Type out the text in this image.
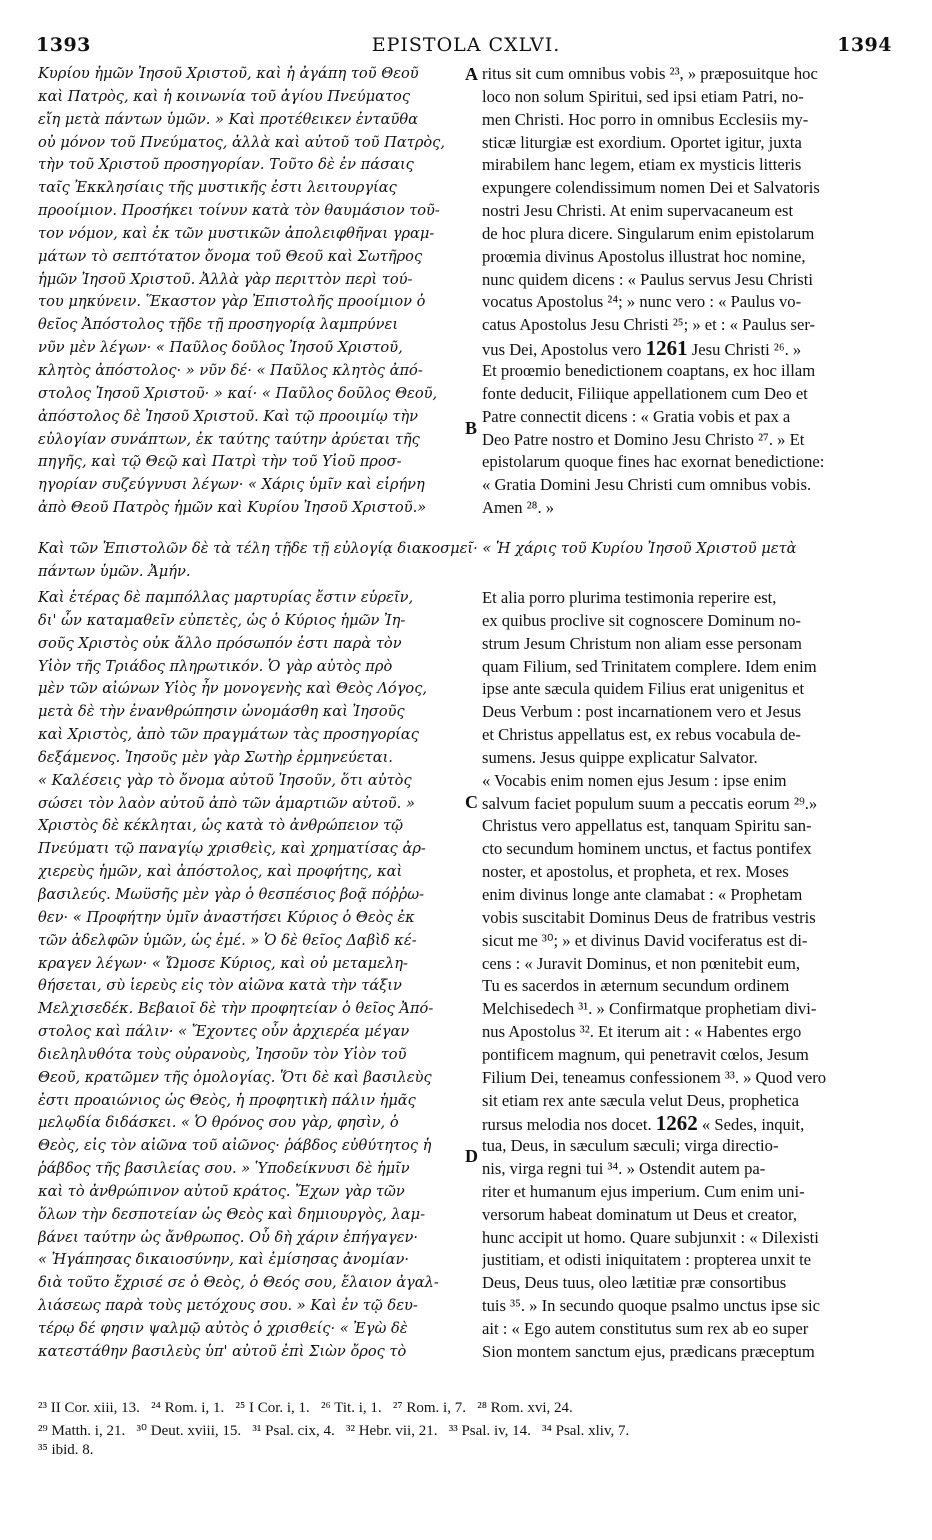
EPISTOLA CXLVI.
1393	1394
Κυρίου ἡμῶν Ἰησοῦ Χριστοῦ, καὶ ἡ ἀγάπη τοῦ Θεοῦ
καὶ Πατρὸς, καὶ ἡ κοινωνία τοῦ ἁγίου Πνεύματος
εἴη μετὰ πάντων ὑμῶν. » Καὶ προτέθεικεν ἐνταῦθα
οὐ μόνον τοῦ Πνεύματος, ἀλλὰ καὶ αὐτοῦ τοῦ Πατρὸς,
τὴν τοῦ Χριστοῦ προσηγορίαν. Τοῦτο δὲ ἐν πάσαις
ταῖς Ἐκκλησίαις τῆς μυστικῆς ἐστι λειτουργίας
προοίμιον. Προσήκει τοίνυν κατὰ τὸν θαυμάσιον τοῦ-
τον νόμον, καὶ ἐκ τῶν μυστικῶν ἀπολειφθῆναι γραμ-
μάτων τὸ σεπτότατον ὄνομα τοῦ Θεοῦ καὶ Σωτῆρος
ἡμῶν Ἰησοῦ Χριστοῦ. Ἀλλὰ γὰρ περιττὸν περὶ τού-
του μηκύνειν. Ἕκαστον γὰρ Ἐπιστολῆς προοίμιον ὁ
θεῖος Ἀπόστολος τῇδε τῇ προσηγορίᾳ λαμπρύνει
νῦν μὲν λέγων· « Παῦλος δοῦλος Ἰησοῦ Χριστοῦ,
κλητὸς ἀπόστολος· » νῦν δέ· « Παῦλος κλητὸς ἀπό-
στολος Ἰησοῦ Χριστοῦ· » καί· « Παῦλος δοῦλος Θεοῦ,
ἀπόστολος δὲ Ἰησοῦ Χριστοῦ. Καὶ τῷ προοιμίῳ τὴν
εὐλογίαν συνάπτων, ἐκ ταύτης ταύτην ἀρύεται τῆς
πηγῆς, καὶ τῷ Θεῷ καὶ Πατρὶ τὴν τοῦ Υἱοῦ προσ-
ηγορίαν συζεύγνυσι λέγων· « Χάρις ὑμῖν καὶ εἰρήνη
ἀπὸ Θεοῦ Πατρὸς ἡμῶν καὶ Κυρίου Ἰησοῦ Χριστοῦ.»
ritus sit cum omnibus vobis ²³, » præposuitque hoc
loco non solum Spiritui, sed ipsi etiam Patri, no-
men Christi. Hoc porro in omnibus Ecclesiis my-
sticæ liturgiæ est exordium. Oportet igitur, juxta
mirabilem hanc legem, etiam ex mysticis litteris
expungere colendissimum nomen Dei et Salvatoris
nostri Jesu Christi. At enim supervacaneum est
de hoc plura dicere. Singularum enim epistolarum
proœmia divinus Apostolus illustrat hoc nomine,
nunc quidem dicens : « Paulus servus Jesu Christi
vocatus Apostolus ²⁴; » nunc vero : « Paulus vo-
catus Apostolus Jesu Christi ²⁵; » et : « Paulus ser-
vus Dei, Apostolus vero 1261 Jesu Christi ²⁶. »
Et proœmio benedictionem coaptans, ex hoc illam
fonte deducit, Filiique appellationem cum Deo et
Patre connectit dicens : « Gratia vobis et pax a
Deo Patre nostro et Domino Jesu Christo ²⁷. » Et
epistolarum quoque fines hac exornat benedictione:
« Gratia Domini Jesu Christi cum omnibus vobis.
Amen ²⁸. »
Καὶ τῶν Ἐπιστολῶν δὲ τὰ τέλη τῇδε τῇ εὐλογίᾳ διακοσμεῖ· « Ἡ χάρις τοῦ Κυρίου Ἰησοῦ Χριστοῦ μετὰ
πάντων ὑμῶν. Ἀμήν.
Καὶ ἑτέρας δὲ παμπόλλας μαρτυρίας ἔστιν εὑρεῖν,
δι' ὧν καταμαθεῖν εὐπετὲς, ὡς ὁ Κύριος ἡμῶν Ἰη-
σοῦς Χριστὸς οὐκ ἄλλο πρόσωπόν ἐστι παρὰ τὸν
Υἱὸν τῆς Τριάδος πληρωτικόν. Ὁ γὰρ αὐτὸς πρὸ
μὲν τῶν αἰώνων Υἱὸς ἦν μονογενὴς καὶ Θεὸς Λόγος,
μετὰ δὲ τὴν ἐνανθρώπησιν ὠνομάσθη καὶ Ἰησοῦς
καὶ Χριστὸς, ἀπὸ τῶν πραγμάτων τὰς προσηγορίας
δεξάμενος. Ἰησοῦς μὲν γὰρ Σωτὴρ ἑρμηνεύεται.
« Καλέσεις γὰρ τὸ ὄνομα αὐτοῦ Ἰησοῦν, ὅτι αὐτὸς
σώσει τὸν λαὸν αὐτοῦ ἀπὸ τῶν ἁμαρτιῶν αὐτοῦ. »
Χριστὸς δὲ κέκληται, ὡς κατὰ τὸ ἀνθρώπειον τῷ
Πνεύματι τῷ παναγίῳ χρισθεὶς, καὶ χρηματίσας ἀρ-
χιερεὺς ἡμῶν, καὶ ἀπόστολος, καὶ προφήτης, καὶ
βασιλεύς. Μωϋσῆς μὲν γὰρ ὁ θεσπέσιος βοᾷ πόῤῥω-
θεν· « Προφήτην ὑμῖν ἀναστήσει Κύριος ὁ Θεὸς ἐκ
τῶν ἀδελφῶν ὑμῶν, ὡς ἐμέ. » Ὁ δὲ θεῖος Δαβὶδ κέ-
κραγεν λέγων· « Ὤμοσε Κύριος, καὶ οὐ μεταμελη-
θήσεται, σὺ ἱερεὺς εἰς τὸν αἰῶνα κατὰ τὴν τάξιν
Μελχισεδέκ. Βεβαιοῖ δὲ τὴν προφητείαν ὁ θεῖος Ἀπό-
στολος καὶ πάλιν· « Ἔχοντες οὖν ἀρχιερέα μέγαν
διεληλυθότα τοὺς οὐρανοὺς, Ἰησοῦν τὸν Υἱὸν τοῦ
Θεοῦ, κρατῶμεν τῆς ὁμολογίας. Ὅτι δὲ καὶ βασιλεὺς
ἐστι προαιώνιος ὡς Θεὸς, ἡ προφητικὴ πάλιν ἡμᾶς
μελῳδία διδάσκει. « Ὁ θρόνος σου γὰρ, φησὶν, ὁ
Θεὸς, εἰς τὸν αἰῶνα τοῦ αἰῶνος· ῥάβδος εὐθύτητος ἡ
ῥάβδος τῆς βασιλείας σου. » Ὑποδείκνυσι δὲ ἡμῖν
καὶ τὸ ἀνθρώπινον αὐτοῦ κράτος. Ἔχων γὰρ τῶν
ὅλων τὴν δεσποτείαν ὡς Θεὸς καὶ δημιουργὸς, λαμ-
βάνει ταύτην ὡς ἄνθρωπος. Οὗ δὴ χάριν ἐπήγαγεν·
« Ἠγάπησας δικαιοσύνην, καὶ ἐμίσησας ἀνομίαν·
διὰ τοῦτο ἔχρισέ σε ὁ Θεὸς, ὁ Θεός σου, ἔλαιον ἀγαλ-
λιάσεως παρὰ τοὺς μετόχους σου. » Καὶ ἐν τῷ δευ-
τέρῳ δέ φησιν ψαλμῷ αὐτὸς ὁ χρισθείς· « Ἐγὼ δὲ
κατεστάθην βασιλεὺς ὑπ' αὐτοῦ ἐπὶ Σιὼν ὄρος τὸ
Et alia porro plurima testimonia reperire est,
ex quibus proclive sit cognoscere Dominum no-
strum Jesum Christum non aliam esse personam
quam Filium, sed Trinitatem complere. Idem enim
ipse ante sæcula quidem Filius erat unigenitus et
Deus Verbum : post incarnationem vero et Jesus
et Christus appellatus est, ex rebus vocabula de-
sumens. Jesus quippe explicatur Salvator.
« Vocabis enim nomen ejus Jesum : ipse enim
salvum faciet populum suum a peccatis eorum ²⁹.»
Christus vero appellatus est, tanquam Spiritu san-
cto secundum hominem unctus, et factus pontifex
noster, et apostolus, et propheta, et rex. Moses
enim divinus longe ante clamabat : « Prophetam
vobis suscitabit Dominus Deus de fratribus vestris
sicut me ³⁰; » et divinus David vociferatus est di-
cens : « Juravit Dominus, et non pœnitebit eum,
Tu es sacerdos in æternum secundum ordinem
Melchisedech ³¹. » Confirmatque prophetiam divi-
nus Apostolus ³². Et iterum ait : « Habentes ergo
pontificem magnum, qui penetravit cœlos, Jesum
Filium Dei, teneamus confessionem ³³. » Quod vero
sit etiam rex ante sæcula velut Deus, prophetica
rursus melodia nos docet. 1262 « Sedes, inquit,
tua, Deus, in sæculum sæculi; virga directio-
nis, virga regni tui ³⁴. » Ostendit autem pa-
riter et humanum ejus imperium. Cum enim uni-
versorum habeat dominatum ut Deus et creator,
hunc accipit ut homo. Quare subjunxit : « Dilexisti
justitiam, et odisti iniquitatem : propterea unxit te
Deus, Deus tuus, oleo lætitiæ præ consortibus
tuis ³⁵. » In secundo quoque psalmo unctus ipse sic
ait : « Ego autem constitutus sum rex ab eo super
Sion montem sanctum ejus, prædicans præceptum
A
B
C
D
²³ II Cor. xiii, 13.   ²⁴ Rom. i, 1.   ²⁵ I Cor. i, 1.   ²⁶ Tit. i, 1.   ²⁷ Rom. i, 7.   ²⁸ Rom. xvi, 24.
²⁹ Matth. i, 21.   ³⁰ Deut. xviii, 15.   ³¹ Psal. cix, 4.   ³² Hebr. vii, 21.   ³³ Psal. iv, 14.   ³⁴ Psal. xliv, 7.
³⁵ ibid. 8.
